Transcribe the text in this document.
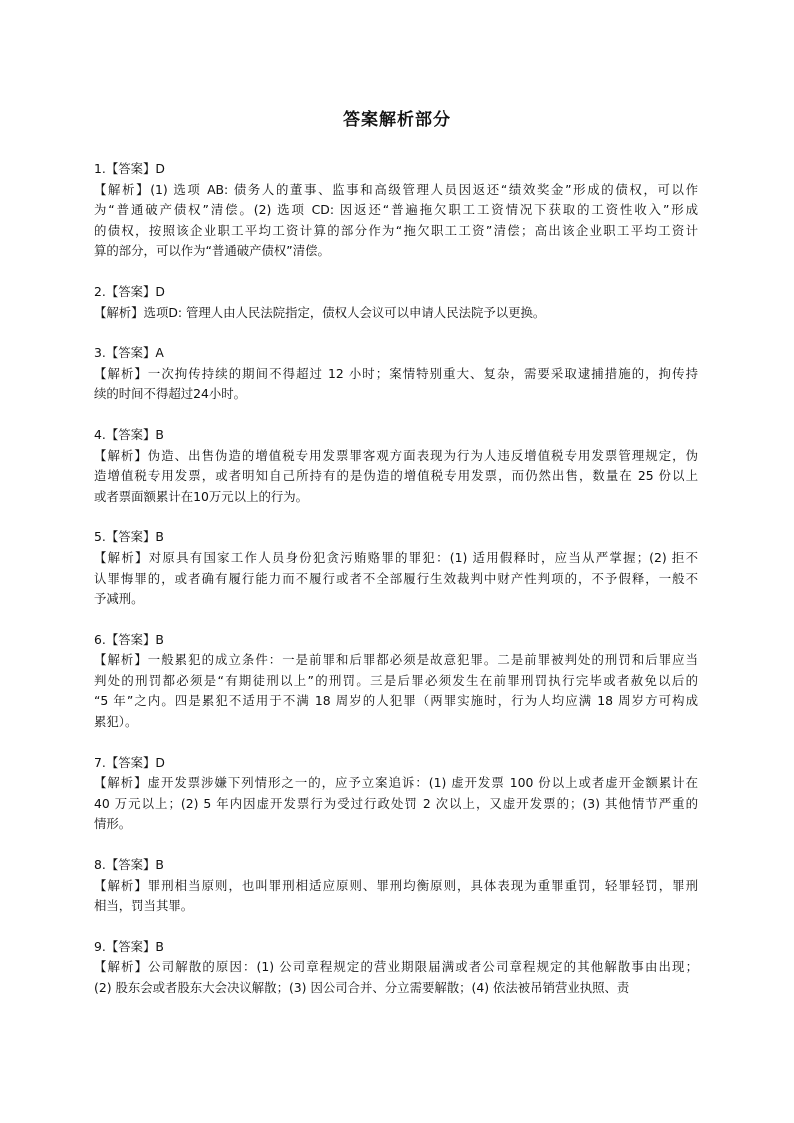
答案解析部分
1.【答案】D
【解析】(1) 选项 AB: 债务人的董事、监事和高级管理人员因返还“绩效奖金”形成的债权，可以作
为“普通破产债权”清偿。(2) 选项 CD: 因返还“普遍拖欠职工工资情况下获取的工资性收入”形成
的债权，按照该企业职工平均工资计算的部分作为“拖欠职工工资”清偿；高出该企业职工平均工资计
算的部分，可以作为“普通破产债权”清偿。
2.【答案】D
【解析】选项D: 管理人由人民法院指定，债权人会议可以申请人民法院予以更换。
3.【答案】A
【解析】一次拘传持续的期间不得超过 12 小时；案情特别重大、复杂，需要采取逮捕措施的，拘传持
续的时间不得超过24小时。
4.【答案】B
【解析】伪造、出售伪造的增值税专用发票罪客观方面表现为行为人违反增值税专用发票管理规定，伪
造增值税专用发票，或者明知自己所持有的是伪造的增值税专用发票，而仍然出售，数量在 25 份以上
或者票面额累计在10万元以上的行为。
5.【答案】B
【解析】对原具有国家工作人员身份犯贪污贿赂罪的罪犯：(1) 适用假释时，应当从严掌握；(2) 拒不
认罪悔罪的，或者确有履行能力而不履行或者不全部履行生效裁判中财产性判项的，不予假释，一般不
予减刑。
6.【答案】B
【解析】一般累犯的成立条件：一是前罪和后罪都必须是故意犯罪。二是前罪被判处的刑罚和后罪应当
判处的刑罚都必须是“有期徒刑以上”的刑罚。三是后罪必须发生在前罪刑罚执行完毕或者赦免以后的
“5 年”之内。四是累犯不适用于不满 18 周岁的人犯罪（两罪实施时，行为人均应满 18 周岁方可构成
累犯）。
7.【答案】D
【解析】虚开发票涉嫌下列情形之一的，应予立案追诉：(1) 虚开发票 100 份以上或者虚开金额累计在
40 万元以上；(2) 5 年内因虚开发票行为受过行政处罚 2 次以上，又虚开发票的；(3) 其他情节严重的
情形。
8.【答案】B
【解析】罪刑相当原则，也叫罪刑相适应原则、罪刑均衡原则，具体表现为重罪重罚，轻罪轻罚，罪刑
相当，罚当其罪。
9.【答案】B
【解析】公司解散的原因：(1) 公司章程规定的营业期限届满或者公司章程规定的其他解散事由出现；
(2) 股东会或者股东大会决议解散；(3) 因公司合并、分立需要解散；(4) 依法被吊销营业执照、责
